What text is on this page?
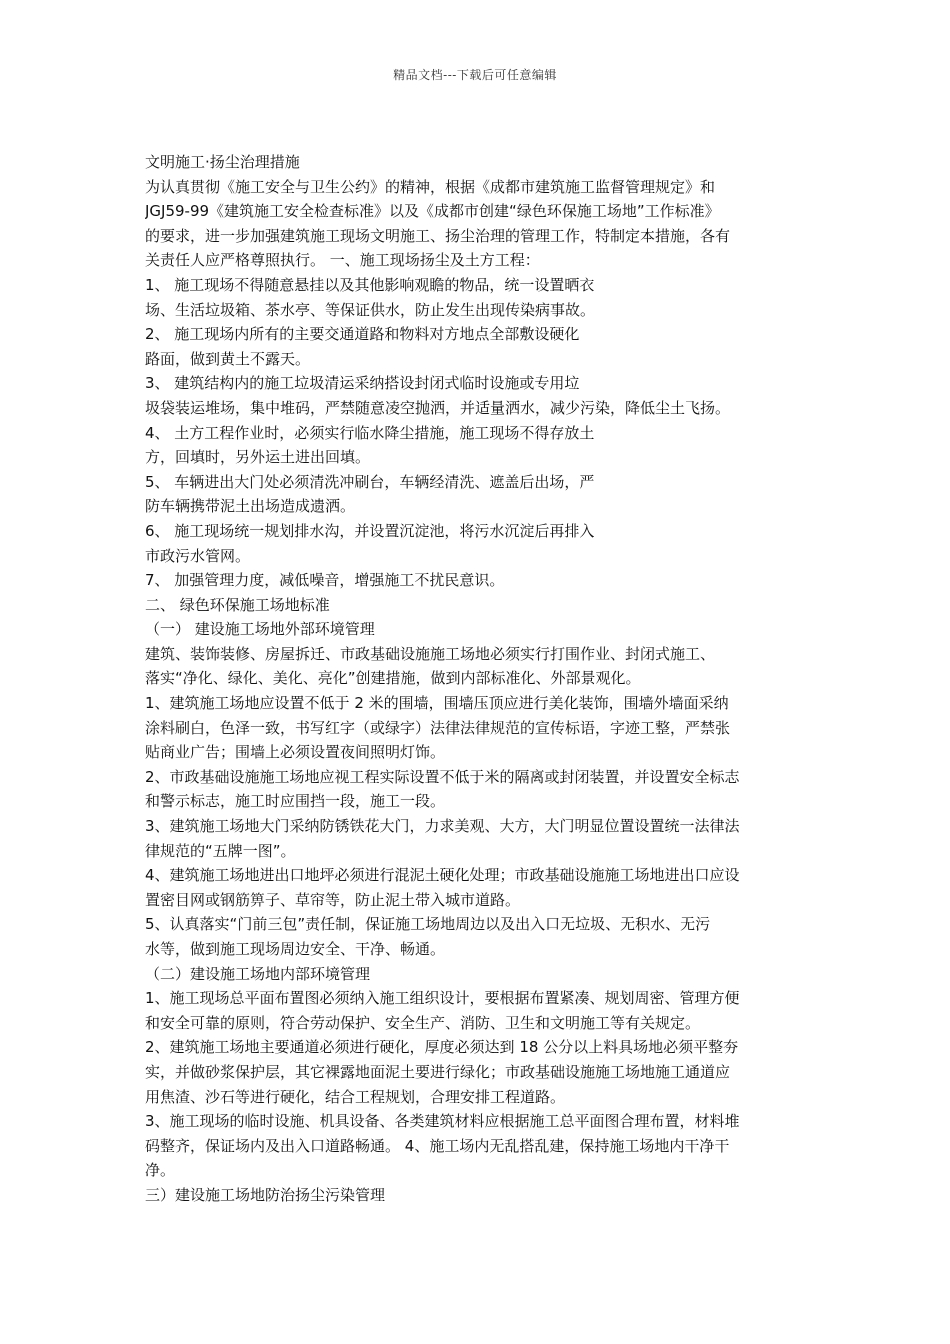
精品文档---下载后可任意编辑
文明施工·扬尘治理措施
为认真贯彻《施工安全与卫生公约》的精神，根据《成都市建筑施工监督管理规定》和
JGJ59-99《建筑施工安全检查标准》以及《成都市创建“绿色环保施工场地”工作标准》
的要求，进一步加强建筑施工现场文明施工、扬尘治理的管理工作，特制定本措施，各有
关责任人应严格尊照执行。 一、施工现场扬尘及土方工程：
1、 施工现场不得随意悬挂以及其他影响观瞻的物品，统一设置晒衣
场、生活垃圾箱、茶水亭、等保证供水，防止发生出现传染病事故。
2、 施工现场内所有的主要交通道路和物料对方地点全部敷设硬化
路面，做到黄土不露天。
3、 建筑结构内的施工垃圾清运采纳搭设封闭式临时设施或专用垃
圾袋装运堆场，集中堆码，严禁随意凌空抛洒，并适量洒水，减少污染，降低尘土飞扬。
4、 土方工程作业时，必须实行临水降尘措施，施工现场不得存放土
方，回填时，另外运土进出回填。
5、 车辆进出大门处必须清洗冲刷台，车辆经清洗、遮盖后出场，严
防车辆携带泥土出场造成遗洒。
6、 施工现场统一规划排水沟，并设置沉淀池，将污水沉淀后再排入
市政污水管网。
7、 加强管理力度，减低噪音，增强施工不扰民意识。
二、 绿色环保施工场地标准
（一） 建设施工场地外部环境管理
建筑、装饰装修、房屋拆迁、市政基础设施施工场地必须实行打围作业、封闭式施工、
落实“净化、绿化、美化、亮化”创建措施，做到内部标准化、外部景观化。
1、建筑施工场地应设置不低于 2 米的围墙，围墙压顶应进行美化装饰，围墙外墙面采纳
涂料刷白，色泽一致，书写红字（或绿字）法律法律规范的宣传标语，字迹工整，严禁张
贴商业广告；围墙上必须设置夜间照明灯饰。
2、市政基础设施施工场地应视工程实际设置不低于米的隔离或封闭装置，并设置安全标志
和警示标志，施工时应围挡一段，施工一段。
3、建筑施工场地大门采纳防锈铁花大门，力求美观、大方，大门明显位置设置统一法律法
律规范的“五牌一图”。
4、建筑施工场地进出口地坪必须进行混泥土硬化处理；市政基础设施施工场地进出口应设
置密目网或钢筋箅子、草帘等，防止泥土带入城市道路。
5、认真落实“门前三包”责任制，保证施工场地周边以及出入口无垃圾、无积水、无污
水等，做到施工现场周边安全、干净、畅通。
（二）建设施工场地内部环境管理
1、施工现场总平面布置图必须纳入施工组织设计，要根据布置紧凑、规划周密、管理方便
和安全可靠的原则，符合劳动保护、安全生产、消防、卫生和文明施工等有关规定。
2、建筑施工场地主要通道必须进行硬化，厚度必须达到 18 公分以上料具场地必须平整夯
实，并做砂浆保护层，其它裸露地面泥土要进行绿化；市政基础设施施工场地施工通道应
用焦渣、沙石等进行硬化，结合工程规划，合理安排工程道路。
3、施工现场的临时设施、机具设备、各类建筑材料应根据施工总平面图合理布置，材料堆
码整齐，保证场内及出入口道路畅通。 4、施工场内无乱搭乱建，保持施工场地内干净干
净。
三）建设施工场地防治扬尘污染管理
